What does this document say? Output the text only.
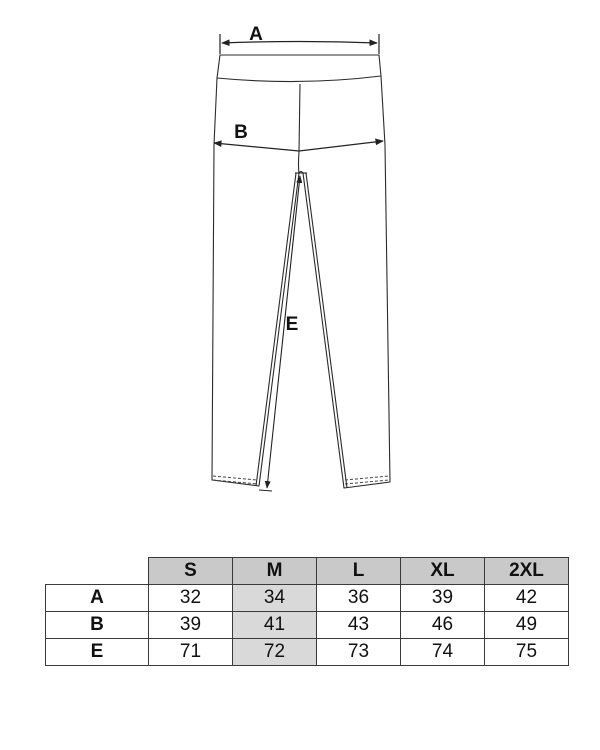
A
B
E
	S	M	L	XL	2XL
A	32	34	36	39	42
B	39	41	43	46	49
E	71	72	73	74	75
